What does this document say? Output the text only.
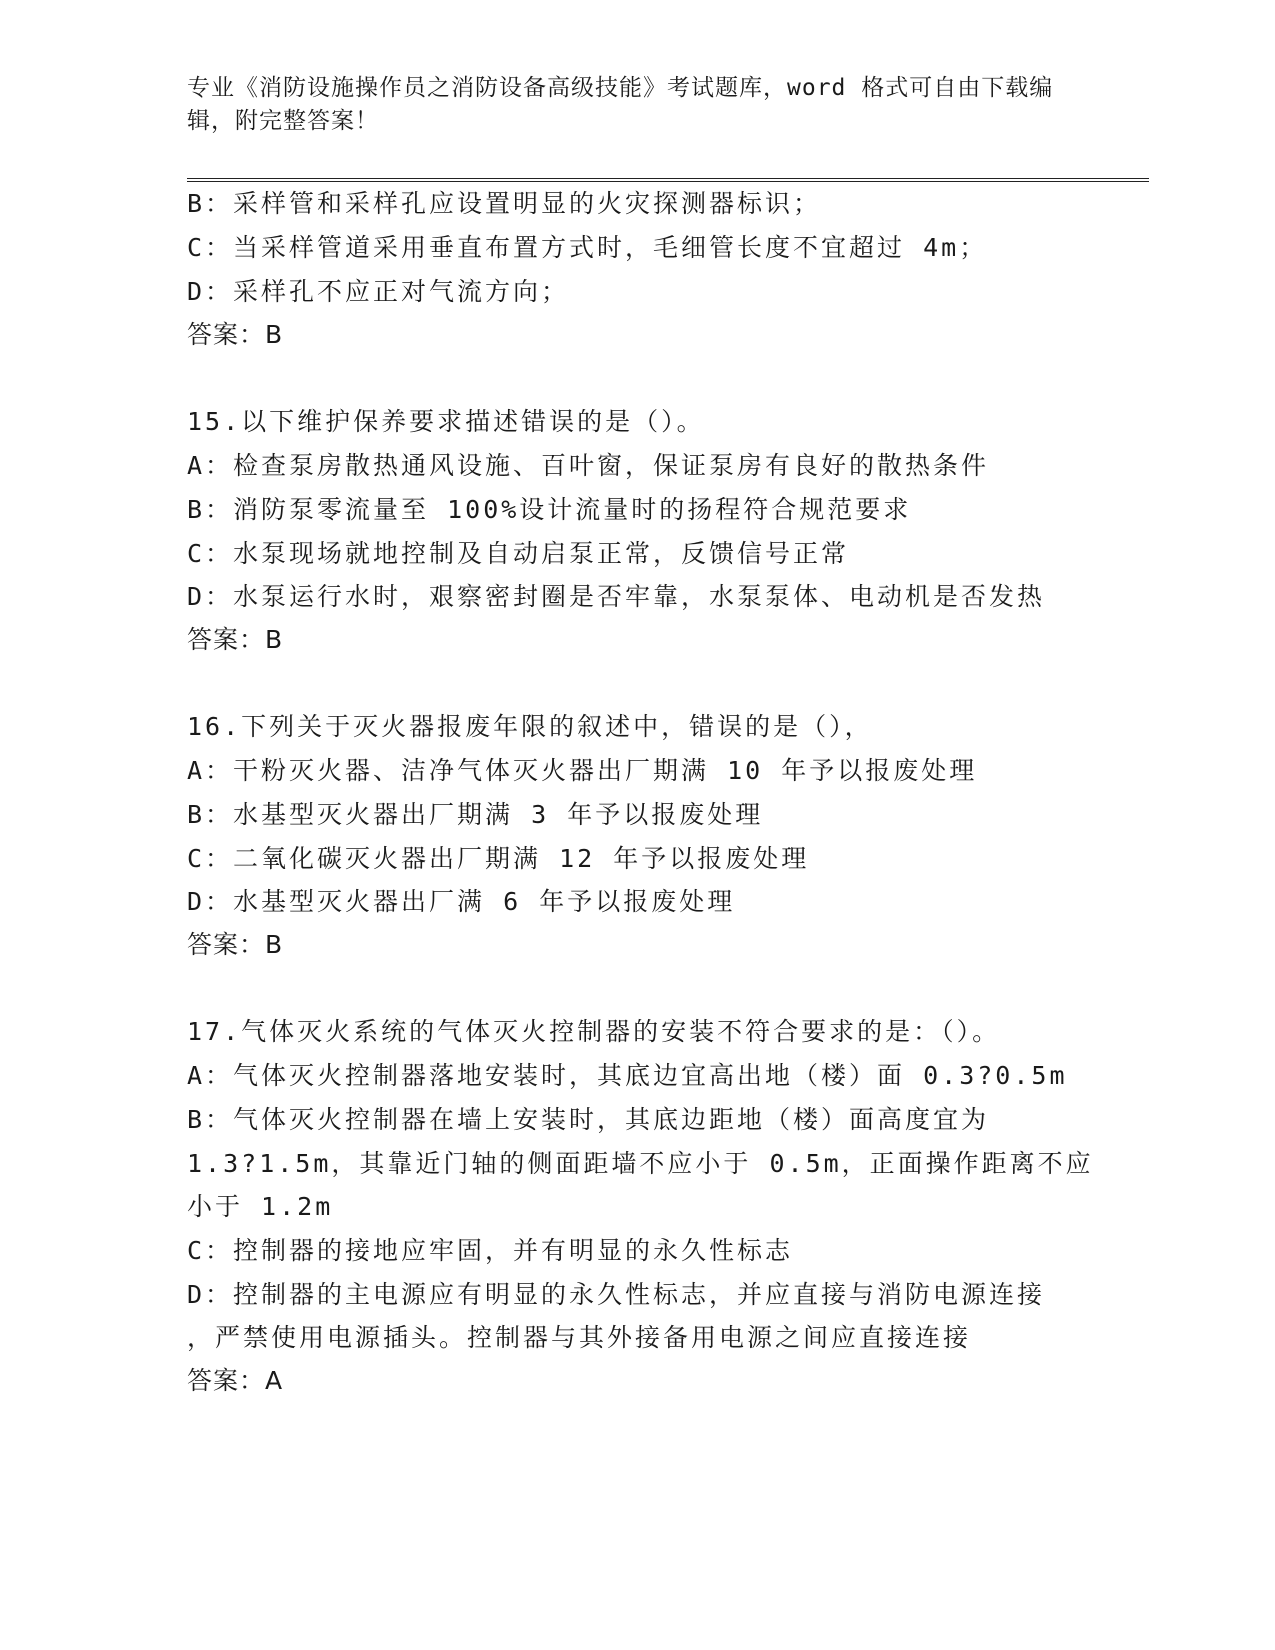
专业《消防设施操作员之消防设备高级技能》考试题库，word 格式可自由下载编
辑，附完整答案！
B：采样管和采样孔应设置明显的火灾探测器标识；
C：当采样管道采用垂直布置方式时，毛细管长度不宜超过 4m；
D：采样孔不应正对气流方向；
答案：B
15.以下维护保养要求描述错误的是（）。
A：检查泵房散热通风设施、百叶窗，保证泵房有良好的散热条件
B：消防泵零流量至 100%设计流量时的扬程符合规范要求
C：水泵现场就地控制及自动启泵正常，反馈信号正常
D：水泵运行水时，艰察密封圈是否牢靠，水泵泵体、电动机是否发热
答案：B
16.下列关于灭火器报废年限的叙述中，错误的是（），
A：干粉灭火器、洁净气体灭火器出厂期满 10 年予以报废处理
B：水基型灭火器出厂期满 3 年予以报废处理
C：二氧化碳灭火器出厂期满 12 年予以报废处理
D：水基型灭火器出厂满 6 年予以报废处理
答案：B
17.气体灭火系统的气体灭火控制器的安装不符合要求的是：（）。
A：气体灭火控制器落地安装时，其底边宜高出地（楼）面 0.3?0.5m
B：气体灭火控制器在墙上安装时，其底边距地（楼）面高度宜为
1.3?1.5m，其靠近门轴的侧面距墙不应小于 0.5m，正面操作距离不应
小于 1.2m
C：控制器的接地应牢固，并有明显的永久性标志
D：控制器的主电源应有明显的永久性标志，并应直接与消防电源连接
，严禁使用电源插头。控制器与其外接备用电源之间应直接连接
答案：A
